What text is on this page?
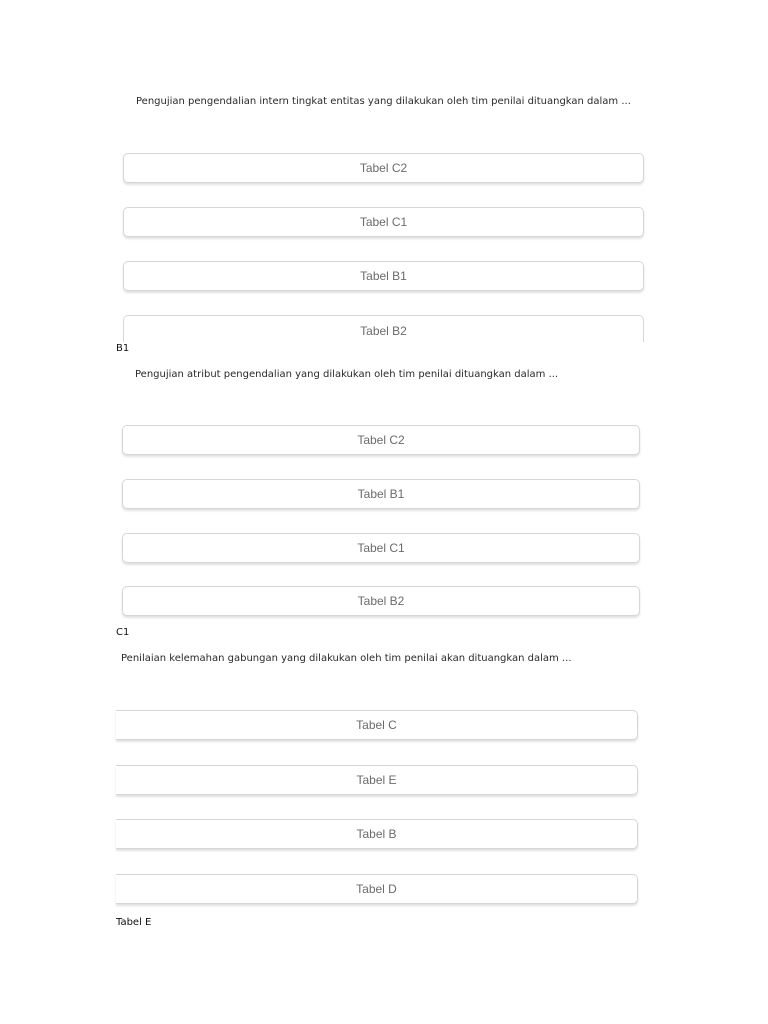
Pengujian pengendalian intern tingkat entitas yang dilakukan oleh tim penilai dituangkan dalam ...
Tabel C2
Tabel C1
Tabel B1
Tabel B2
B1
Pengujian atribut pengendalian yang dilakukan oleh tim penilai dituangkan dalam ...
Tabel C2
Tabel B1
Tabel C1
Tabel B2
C1
Penilaian kelemahan gabungan yang dilakukan oleh tim penilai akan dituangkan dalam ...
Tabel C
Tabel E
Tabel B
Tabel D
Tabel E
